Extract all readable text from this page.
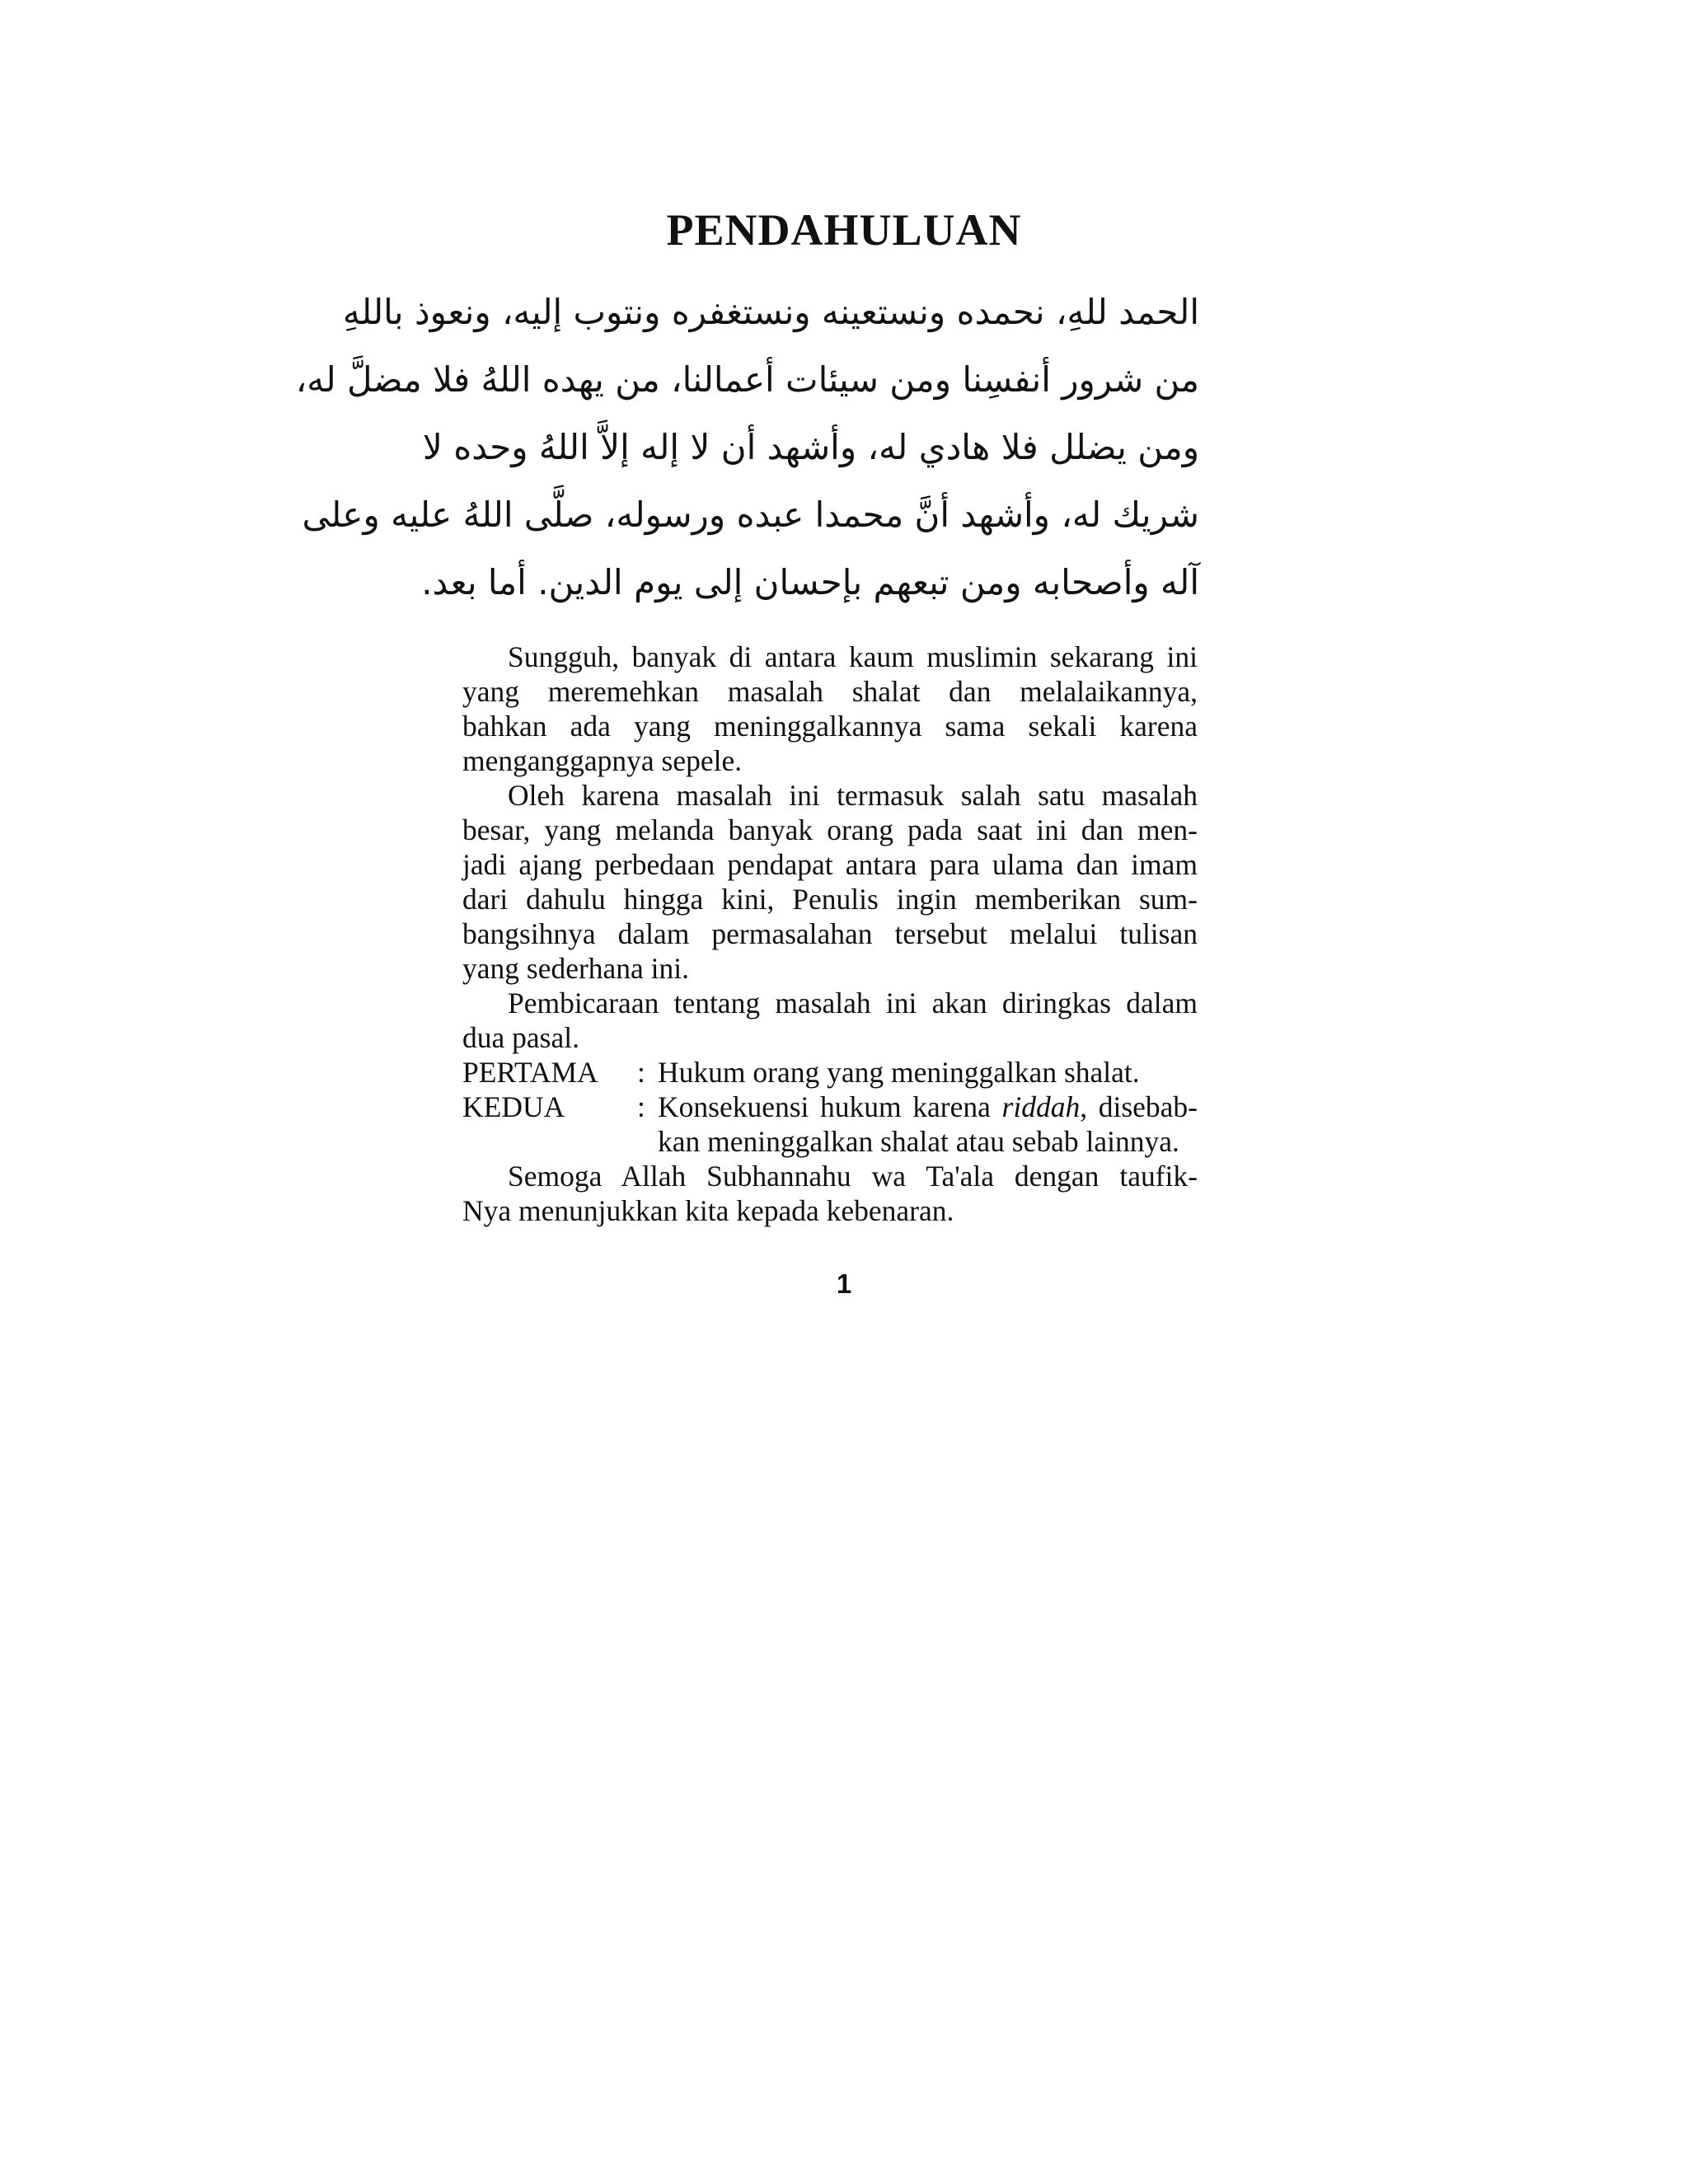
PENDAHULUAN
الحمد للهِ، نحمده ونستعينه ونستغفره ونتوب إليه، ونعوذ باللهِ
من شرور أنفسِنا ومن سيئات أعمالنا، من يهده اللهُ فلا مضلَّ له،
ومن يضلل فلا هادي له، وأشهد أن لا إله إلاَّ اللهُ وحده لا
شريك له، وأشهد أنَّ محمدا عبده ورسوله، صلَّى اللهُ عليه وعلى
آله وأصحابه ومن تبعهم بإحسان إلى يوم الدين. أما بعد.
Sungguh, banyak di antara kaum muslimin sekarang ini
yang meremehkan masalah shalat dan melalaikannya,
bahkan ada yang meninggalkannya sama sekali karena
menganggapnya sepele.
Oleh karena masalah ini termasuk salah satu masalah
besar, yang melanda banyak orang pada saat ini dan men-
jadi ajang perbedaan pendapat antara para ulama dan imam
dari dahulu hingga kini, Penulis ingin memberikan sum-
bangsihnya dalam permasalahan tersebut melalui tulisan
yang sederhana ini.
Pembicaraan tentang masalah ini akan diringkas dalam
dua pasal.
PERTAMA	: Hukum orang yang meninggalkan shalat.
KEDUA	: Konsekuensi hukum karena riddah, disebab-
kan meninggalkan shalat atau sebab lainnya.
Semoga Allah Subhannahu wa Ta'ala dengan taufik-
Nya menunjukkan kita kepada kebenaran.
1
